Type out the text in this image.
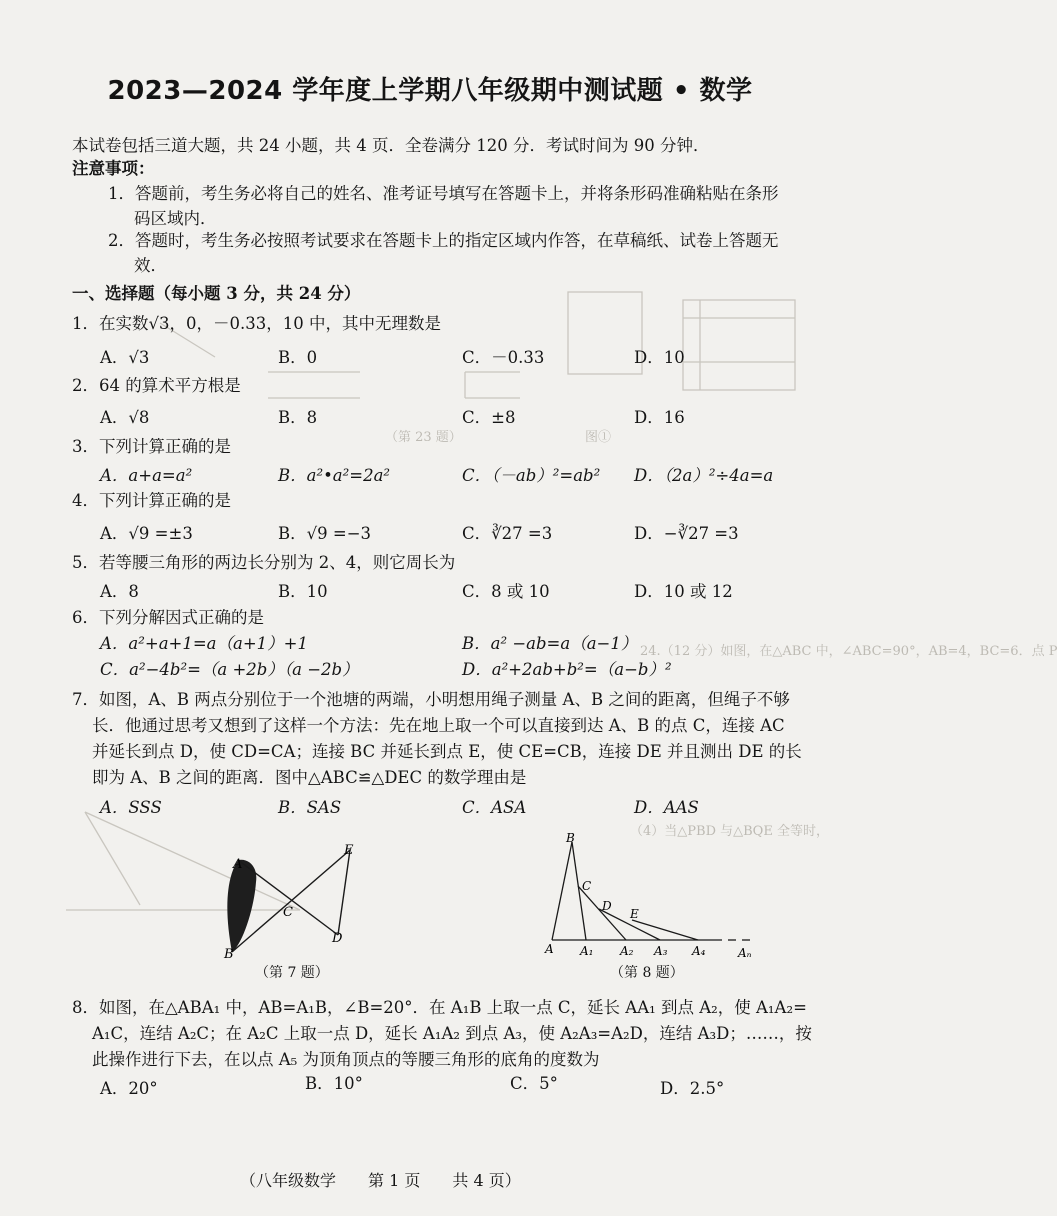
（第 23 题）	图①
24.（12 分）如图，在△ABC 中，∠ABC=90°，AB=4，BC=6．点 P
（4）当△PBD 与△BQE 全等时，
2023—2024 学年度上学期八年级期中测试题 • 数学
本试卷包括三道大题，共 24 小题，共 4 页．全卷满分 120 分．考试时间为 90 分钟．
注意事项：
1．答题前，考生务必将自己的姓名、准考证号填写在答题卡上，并将条形码准确粘贴在条形
码区域内．
2．答题时，考生务必按照考试要求在答题卡上的指定区域内作答，在草稿纸、试卷上答题无
效．
一、选择题（每小题 3 分，共 24 分）
1．在实数√3，0，－0.33，10 中，其中无理数是
A．√3	B．0	C．－0.33	D．10
2．64 的算术平方根是
A．√8	B．8	C．±8	D．16
3．下列计算正确的是
A．a+a=a²	B．a²•a²=2a²	C．（－ab）²=ab² D．（2a）²÷4a=a
4．下列计算正确的是
A．√9 =±3	B．√9 =−3	C．∛27 =3	D．−∛27 =3
5．若等腰三角形的两边长分别为 2、4，则它周长为
A．8	B．10	C．8 或 10	D．10 或 12
6．下列分解因式正确的是
A．a²+a+1=a（a+1）+1	B．a² −ab=a（a−1）
C．a²−4b²=（a +2b）（a −2b）	D．a²+2ab+b²=（a−b）²
7．如图，A、B 两点分别位于一个池塘的两端，小明想用绳子测量 A、B 之间的距离，但绳子不够
长．他通过思考又想到了这样一个方法：先在地上取一个可以直接到达 A、B 的点 C，连接 AC
并延长到点 D，使 CD=CA；连接 BC 并延长到点 E，使 CE=CB，连接 DE 并且测出 DE 的长
即为 A、B 之间的距离．图中△ABC≌△DEC 的数学理由是
A．SSS	B．SAS	C．ASA	D．AAS
A
B
C
D
E
（第 7 题）
B
C
D
E
A A₁ A₂ A₃ A₄	Aₙ
（第 8 题）
8．如图，在△ABA₁ 中，AB=A₁B，∠B=20°．在 A₁B 上取一点 C，延长 AA₁ 到点 A₂，使 A₁A₂=
A₁C，连结 A₂C；在 A₂C 上取一点 D，延长 A₁A₂ 到点 A₃，使 A₂A₃=A₂D，连结 A₃D；……，按
此操作进行下去，在以点 A₅ 为顶角顶点的等腰三角形的底角的度数为
A．20°	B．10°	C．5°	D．2.5°
（八年级数学　　第 1 页　　共 4 页）
